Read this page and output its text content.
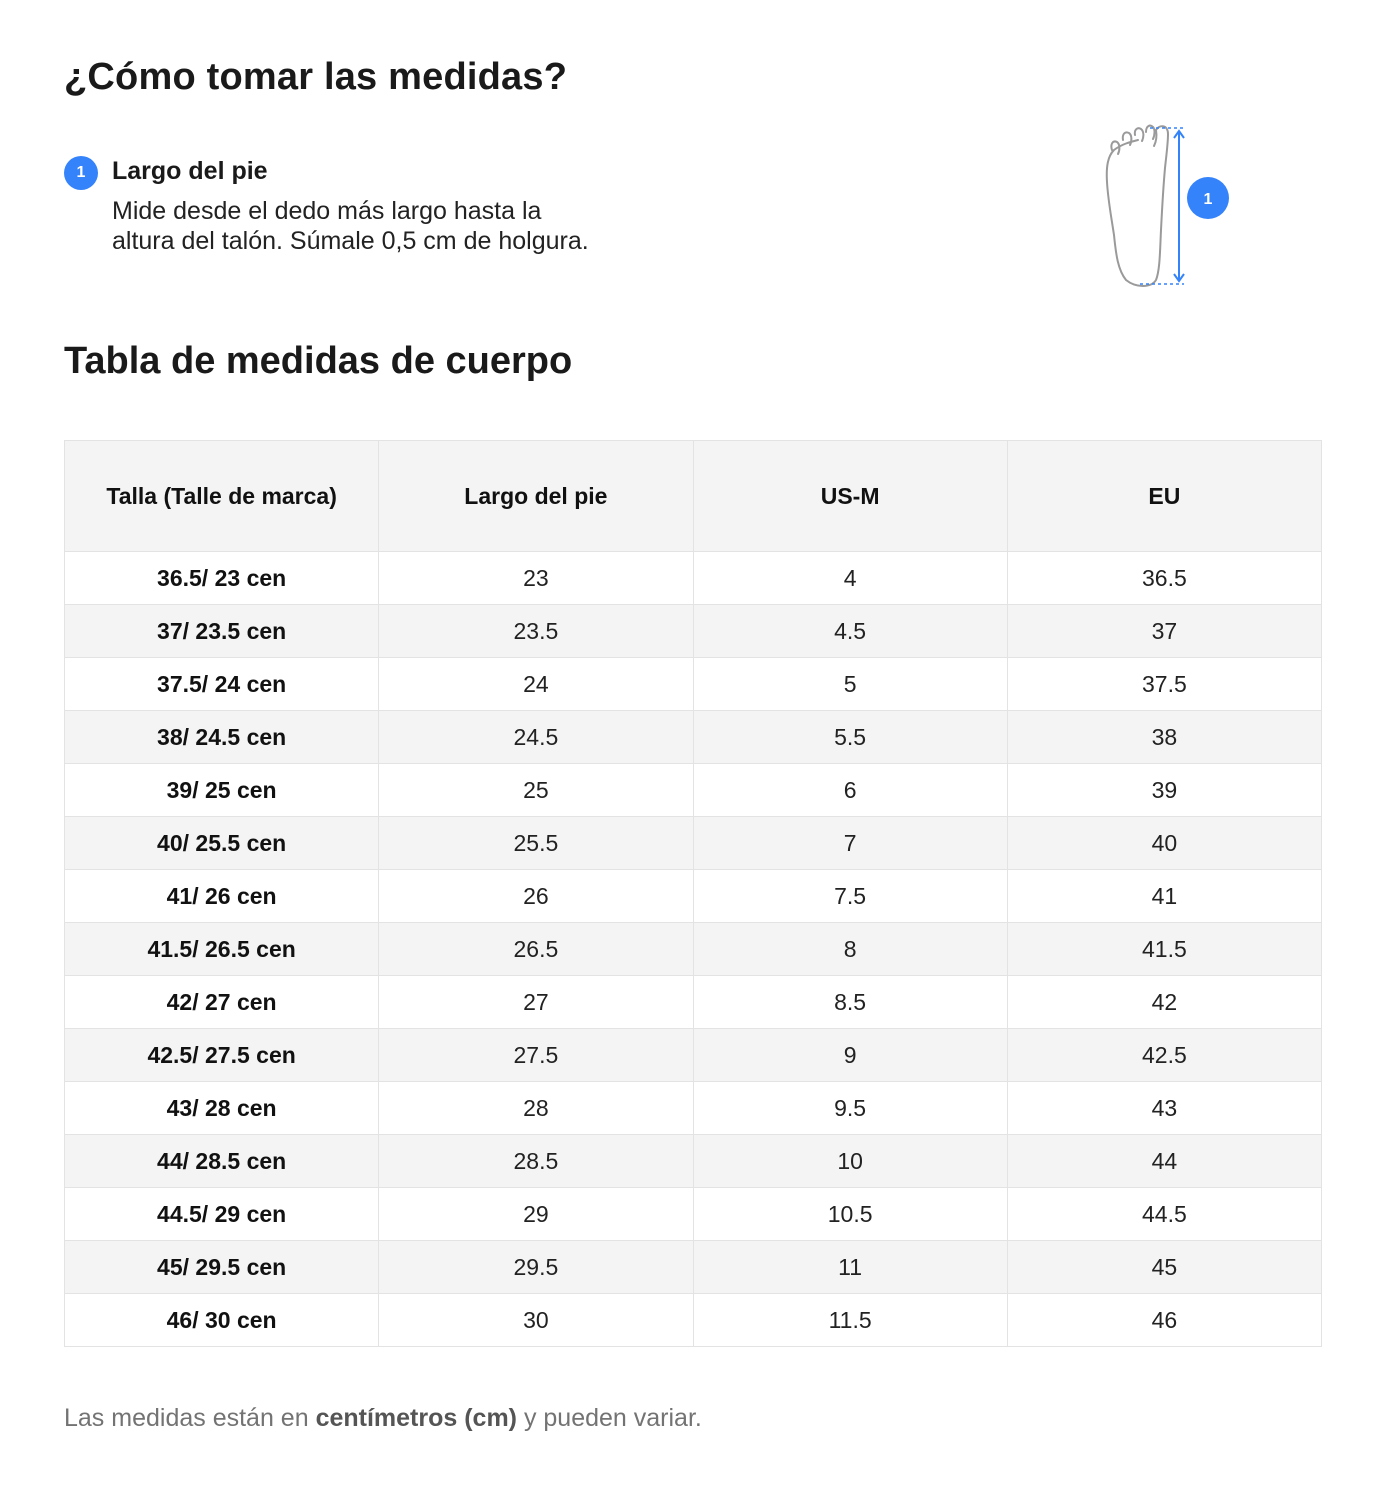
¿Cómo tomar las medidas?
1	Largo del pie
Mide desde el dedo más largo hasta la
altura del talón. Súmale 0,5 cm de holgura.
1
Tabla de medidas de cuerpo
Talla (Talle de marca)	Largo del pie	US-M	EU
36.5/ 23 cen	23	4	36.5
37/ 23.5 cen	23.5	4.5	37
37.5/ 24 cen	24	5	37.5
38/ 24.5 cen	24.5	5.5	38
39/ 25 cen	25	6	39
40/ 25.5 cen	25.5	7	40
41/ 26 cen	26	7.5	41
41.5/ 26.5 cen	26.5	8	41.5
42/ 27 cen	27	8.5	42
42.5/ 27.5 cen	27.5	9	42.5
43/ 28 cen	28	9.5	43
44/ 28.5 cen	28.5	10	44
44.5/ 29 cen	29	10.5	44.5
45/ 29.5 cen	29.5	11	45
46/ 30 cen	30	11.5	46
Las medidas están en centímetros (cm) y pueden variar.
